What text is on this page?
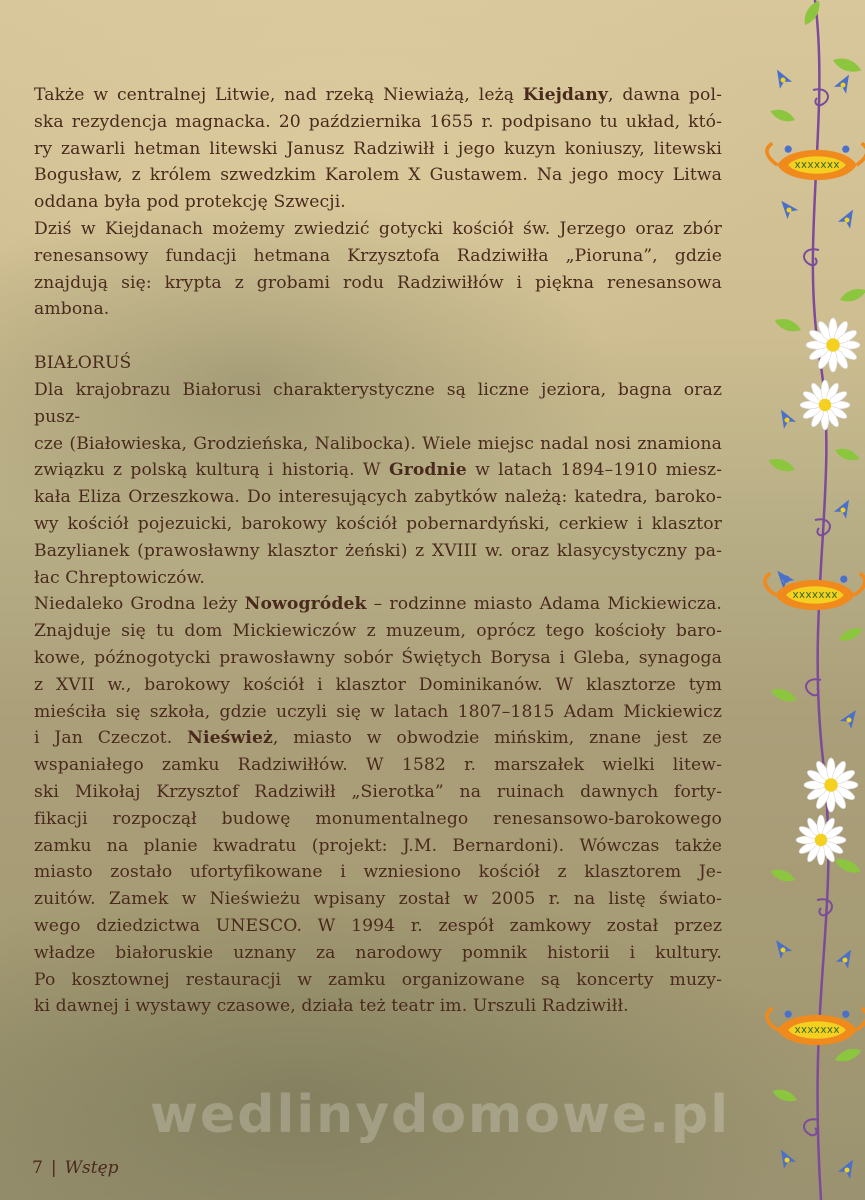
Także w centralnej Litwie, nad rzeką Niewiażą, leżą Kiejdany, dawna pol-
ska rezydencja magnacka. 20 października 1655 r. podpisano tu układ, któ-
ry zawarli hetman litewski Janusz Radziwiłł i jego kuzyn koniuszy, litewski
Bogusław, z królem szwedzkim Karolem X Gustawem. Na jego mocy Litwa
oddana była pod protekcję Szwecji.
Dziś w Kiejdanach możemy zwiedzić gotycki kościół św. Jerzego oraz zbór
renesansowy fundacji hetmana Krzysztofa Radziwiłła „Pioruna”, gdzie
znajdują się: krypta z grobami rodu Radziwiłłów i piękna renesansowa
ambona.
BIAŁORUŚ
Dla krajobrazu Białorusi charakterystyczne są liczne jeziora, bagna oraz pusz-
cze (Białowieska, Grodzieńska, Nalibocka). Wiele miejsc nadal nosi znamiona
związku z polską kulturą i historią. W Grodnie w latach 1894–1910 miesz-
kała Eliza Orzeszkowa. Do interesujących zabytków należą: katedra, baroko-
wy kościół pojezuicki, barokowy kościół pobernardyński, cerkiew i klasztor
Bazylianek (prawosławny klasztor żeński) z XVIII w. oraz klasycystyczny pa-
łac Chreptowiczów.
Niedaleko Grodna leży Nowogródek – rodzinne miasto Adama Mickiewicza.
Znajduje się tu dom Mickiewiczów z muzeum, oprócz tego kościoły baro-
kowe, późnogotycki prawosławny sobór Świętych Borysa i Gleba, synagoga
z XVII w., barokowy kościół i klasztor Dominikanów. W klasztorze tym
mieściła się szkoła, gdzie uczyli się w latach 1807–1815 Adam Mickiewicz
i Jan Czeczot. Nieśwież, miasto w obwodzie mińskim, znane jest ze
wspaniałego zamku Radziwiłłów. W 1582 r. marszałek wielki litew-
ski Mikołaj Krzysztof Radziwiłł „Sierotka” na ruinach dawnych forty-
fikacji rozpoczął budowę monumentalnego renesansowo-barokowego
zamku na planie kwadratu (projekt: J.M. Bernardoni). Wówczas także
miasto zostało ufortyfikowane i wzniesiono kościół z klasztorem Je-
zuitów. Zamek w Nieświeżu wpisany został w 2005 r. na listę świato-
wego dziedzictwa UNESCO. W 1994 r. zespół zamkowy został przez
władze białoruskie uznany za narodowy pomnik historii i kultury.
Po kosztownej restauracji w zamku organizowane są koncerty muzy-
ki dawnej i wystawy czasowe, działa też teatr im. Urszuli Radziwiłł.
wedlinydomowe.pl
7 | Wstęp
